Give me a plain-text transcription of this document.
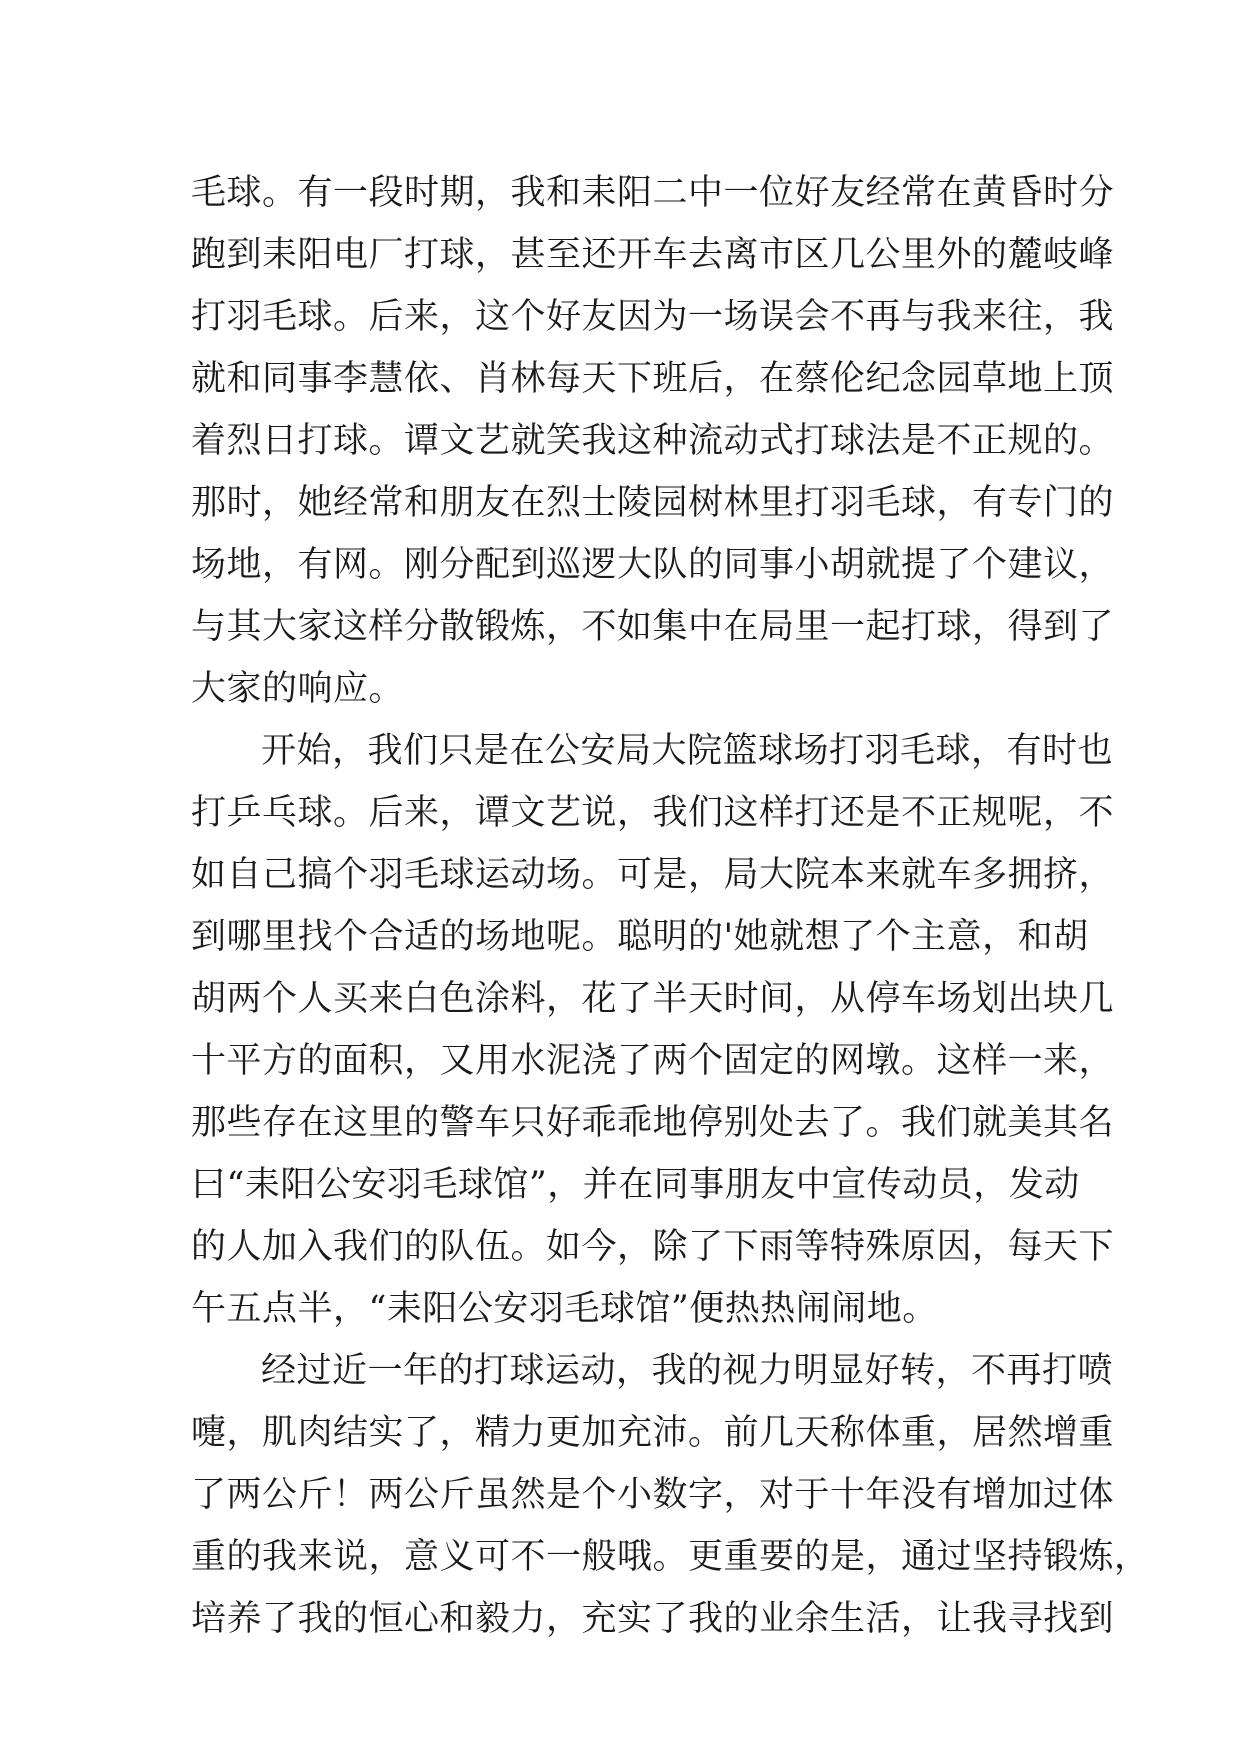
毛球。有一段时期，我和耒阳二中一位好友经常在黄昏时分
跑到耒阳电厂打球，甚至还开车去离市区几公里外的麓岐峰
打羽毛球。后来，这个好友因为一场误会不再与我来往，我
就和同事李慧依、肖林每天下班后，在蔡伦纪念园草地上顶
着烈日打球。谭文艺就笑我这种流动式打球法是不正规的。
那时，她经常和朋友在烈士陵园树林里打羽毛球，有专门的
场地，有网。刚分配到巡逻大队的同事小胡就提了个建议，
与其大家这样分散锻炼，不如集中在局里一起打球，得到了
大家的响应。
开始，我们只是在公安局大院篮球场打羽毛球，有时也
打乒乓球。后来，谭文艺说，我们这样打还是不正规呢，不
如自己搞个羽毛球运动场。可是，局大院本来就车多拥挤，
到哪里找个合适的场地呢。聪明的'她就想了个主意，和胡
胡两个人买来白色涂料，花了半天时间，从停车场划出块几
十平方的面积，又用水泥浇了两个固定的网墩。这样一来，
那些存在这里的警车只好乖乖地停别处去了。我们就美其名
曰“耒阳公安羽毛球馆”，并在同事朋友中宣传动员，发动
的人加入我们的队伍。如今，除了下雨等特殊原因，每天下
午五点半，“耒阳公安羽毛球馆”便热热闹闹地。
经过近一年的打球运动，我的视力明显好转，不再打喷
嚏，肌肉结实了，精力更加充沛。前几天称体重，居然增重
了两公斤！两公斤虽然是个小数字，对于十年没有增加过体
重的我来说，意义可不一般哦。更重要的是，通过坚持锻炼，
培养了我的恒心和毅力，充实了我的业余生活，让我寻找到
